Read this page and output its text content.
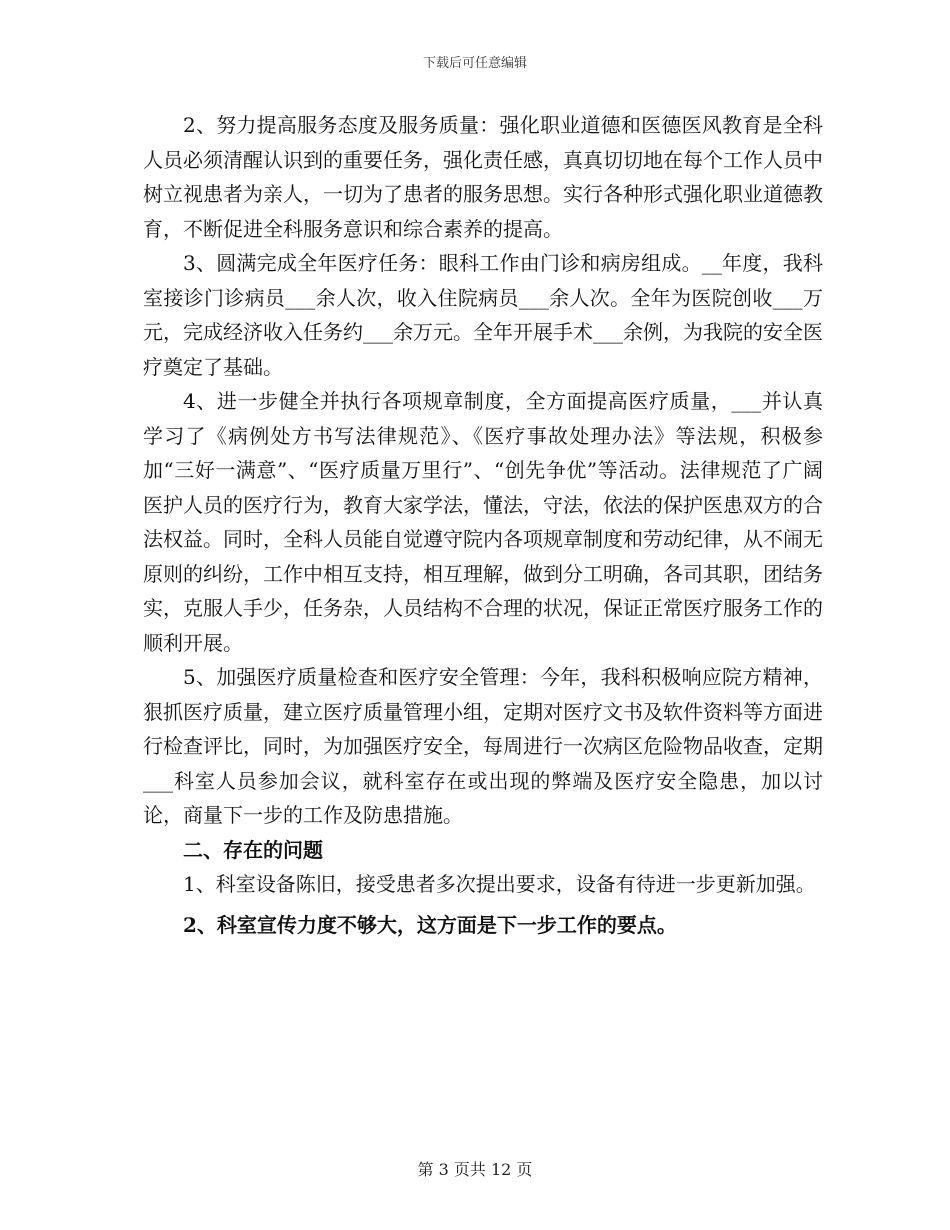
下载后可任意编辑

2、努力提高服务态度及服务质量：强化职业道德和医德医风教育是全科人员必须清醒认识到的重要任务，强化责任感，真真切切地在每个工作人员中树立视患者为亲人，一切为了患者的服务思想。实行各种形式强化职业道德教育，不断促进全科服务意识和综合素养的提高。

3、圆满完成全年医疗任务：眼科工作由门诊和病房组成。__年度，我科室接诊门诊病员___余人次，收入住院病员___余人次。全年为医院创收___万元，完成经济收入任务约___余万元。全年开展手术___余例，为我院的安全医疗奠定了基础。

4、进一步健全并执行各项规章制度，全方面提高医疗质量，___并认真学习了《病例处方书写法律规范》、《医疗事故处理办法》等法规，积极参加“三好一满意”、“医疗质量万里行”、“创先争优”等活动。法律规范了广阔医护人员的医疗行为，教育大家学法，懂法，守法，依法的保护医患双方的合法权益。同时，全科人员能自觉遵守院内各项规章制度和劳动纪律，从不闹无原则的纠纷，工作中相互支持，相互理解，做到分工明确，各司其职，团结务实，克服人手少，任务杂，人员结构不合理的状况，保证正常医疗服务工作的顺利开展。

5、加强医疗质量检查和医疗安全管理：今年，我科积极响应院方精神，狠抓医疗质量，建立医疗质量管理小组，定期对医疗文书及软件资料等方面进行检查评比，同时，为加强医疗安全，每周进行一次病区危险物品收查，定期___科室人员参加会议，就科室存在或出现的弊端及医疗安全隐患，加以讨论，商量下一步的工作及防患措施。

二、存在的问题

1、科室设备陈旧，接受患者多次提出要求，设备有待进一步更新加强。

2、科室宣传力度不够大，这方面是下一步工作的要点。

第 3 页共 12 页
